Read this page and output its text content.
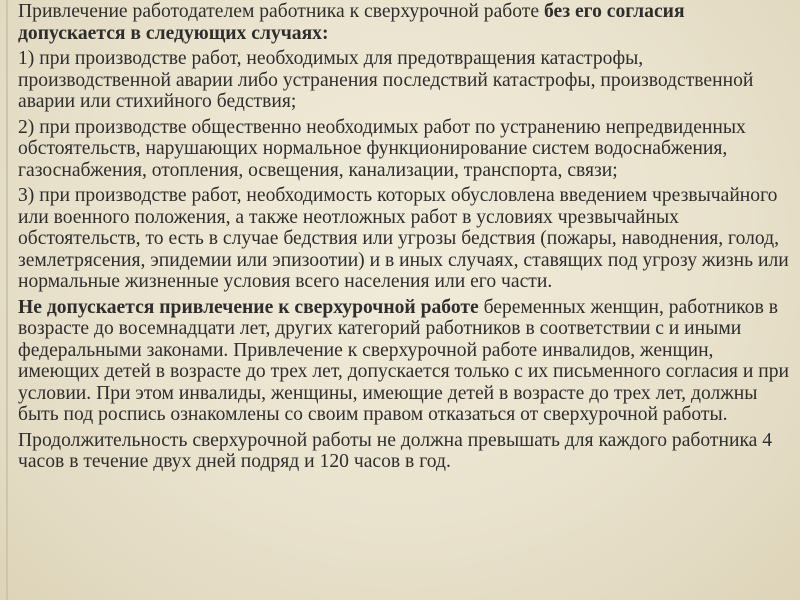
Привлечение работодателем работника к сверхурочной работе без его согласия допускается в следующих случаях:

1) при производстве работ, необходимых для предотвращения катастрофы, производственной аварии либо устранения последствий катастрофы, производственной аварии или стихийного бедствия;

2) при производстве общественно необходимых работ по устранению непредвиденных обстоятельств, нарушающих нормальное функционирование систем водоснабжения, газоснабжения, отопления, освещения, канализации, транспорта, связи;

3) при производстве работ, необходимость которых обусловлена введением чрезвычайного или военного положения, а также неотложных работ в условиях чрезвычайных обстоятельств, то есть в случае бедствия или угрозы бедствия (пожары, наводнения, голод, землетрясения, эпидемии или эпизоотии) и в иных случаях, ставящих под угрозу жизнь или нормальные жизненные условия всего населения или его части.

Не допускается привлечение к сверхурочной работе беременных женщин, работников в возрасте до восемнадцати лет, других категорий работников в соответствии с и иными федеральными законами. Привлечение к сверхурочной работе инвалидов, женщин, имеющих детей в возрасте до трех лет, допускается только с их письменного согласия и при условии. При этом инвалиды, женщины, имеющие детей в возрасте до трех лет, должны быть под роспись ознакомлены со своим правом отказаться от сверхурочной работы.

Продолжительность сверхурочной работы не должна превышать для каждого работника 4 часов в течение двух дней подряд и 120 часов в год.
